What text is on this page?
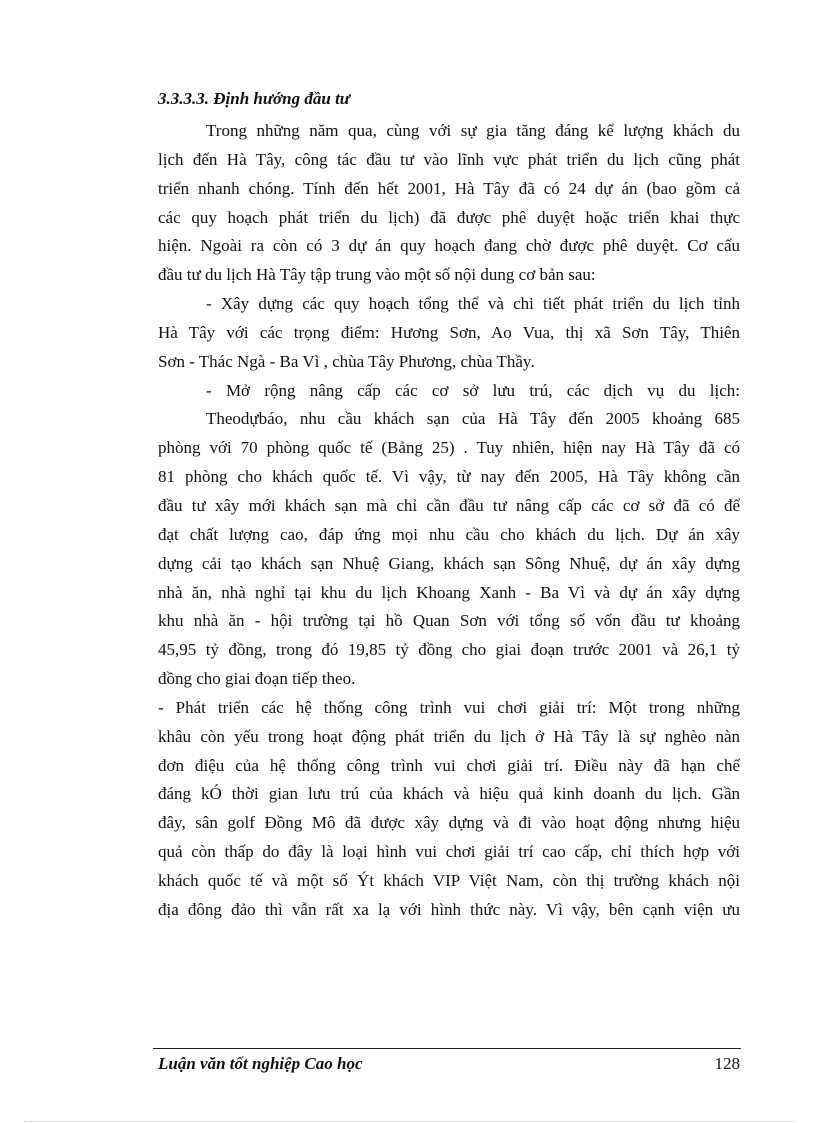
3.3.3.3. Định hướng đầu tư

Trong những năm qua, cùng với sự gia tăng đáng kể lượng khách du

lịch đến Hà Tây, công tác đầu tư vào lĩnh vực phát triển du lịch cũng phát

triển nhanh chóng. Tính đến hết 2001, Hà Tây đã có 24 dự án (bao gồm cả

các quy hoạch phát triển du lịch) đã được phê duyệt hoặc triển khai thực

hiện. Ngoài ra còn có 3 dự án quy hoạch đang chờ được phê duyệt. Cơ cấu

đầu tư du lịch Hà Tây tập trung vào một số nội dung cơ bản sau:

- Xây dựng các quy hoạch tổng thể và chi tiết phát triển du lịch tỉnh

Hà Tây với các trọng điểm: Hương Sơn, Ao Vua, thị xã Sơn Tây, Thiên

Sơn - Thác Ngà - Ba Vì , chùa Tây Phương, chùa Thầy.

- Mở rộng nâng cấp các cơ sở lưu trú, các dịch vụ du lịch:

Theodựbáo, nhu cầu khách sạn của Hà Tây đến 2005 khoảng 685

phòng với 70 phòng quốc tế (Bảng 25) . Tuy nhiên, hiện nay Hà Tây đã có

81 phòng cho khách quốc tế. Vì vậy, từ nay đến 2005, Hà Tây không cần

đầu tư xây mới khách sạn mà chỉ cần đầu tư nâng cấp các cơ sở đã có để

đạt chất lượng cao, đáp ứng mọi nhu cầu cho khách du lịch. Dự án xây

dựng cải tạo khách sạn Nhuệ Giang, khách sạn Sông Nhuệ, dự án xây dựng

nhà ăn, nhà nghỉ tại khu du lịch Khoang Xanh - Ba Vì và dự án xây dựng

khu nhà ăn - hội trường tại hồ Quan Sơn với tổng số vốn đầu tư khoảng

45,95 tỷ đồng, trong đó 19,85 tỷ đồng cho giai đoạn trước 2001 và 26,1 tỷ

đồng cho giai đoạn tiếp theo.

- Phát triển các hệ thống công trình vui chơi giải trí: Một trong những

khâu còn yếu trong hoạt động phát triển du lịch ở Hà Tây là sự nghèo nàn

đơn điệu của hệ thống công trình vui chơi giải trí. Điều này đã hạn chế

đáng kÓ thời gian lưu trú của khách và hiệu quả kinh doanh du lịch. Gần

đây, sân golf Đồng Mô đã được xây dựng và đi vào hoạt động nhưng hiệu

quả còn thấp do đây là loại hình vui chơi giải trí cao cấp, chỉ thích hợp với

khách quốc tế và một số Ýt khách VIP Việt Nam, còn thị trường khách nội

địa đông đảo thì vẫn rất xa lạ với hình thức này. Vì vậy, bên cạnh viện ưu

Luận văn tốt nghiệp Cao học	128
